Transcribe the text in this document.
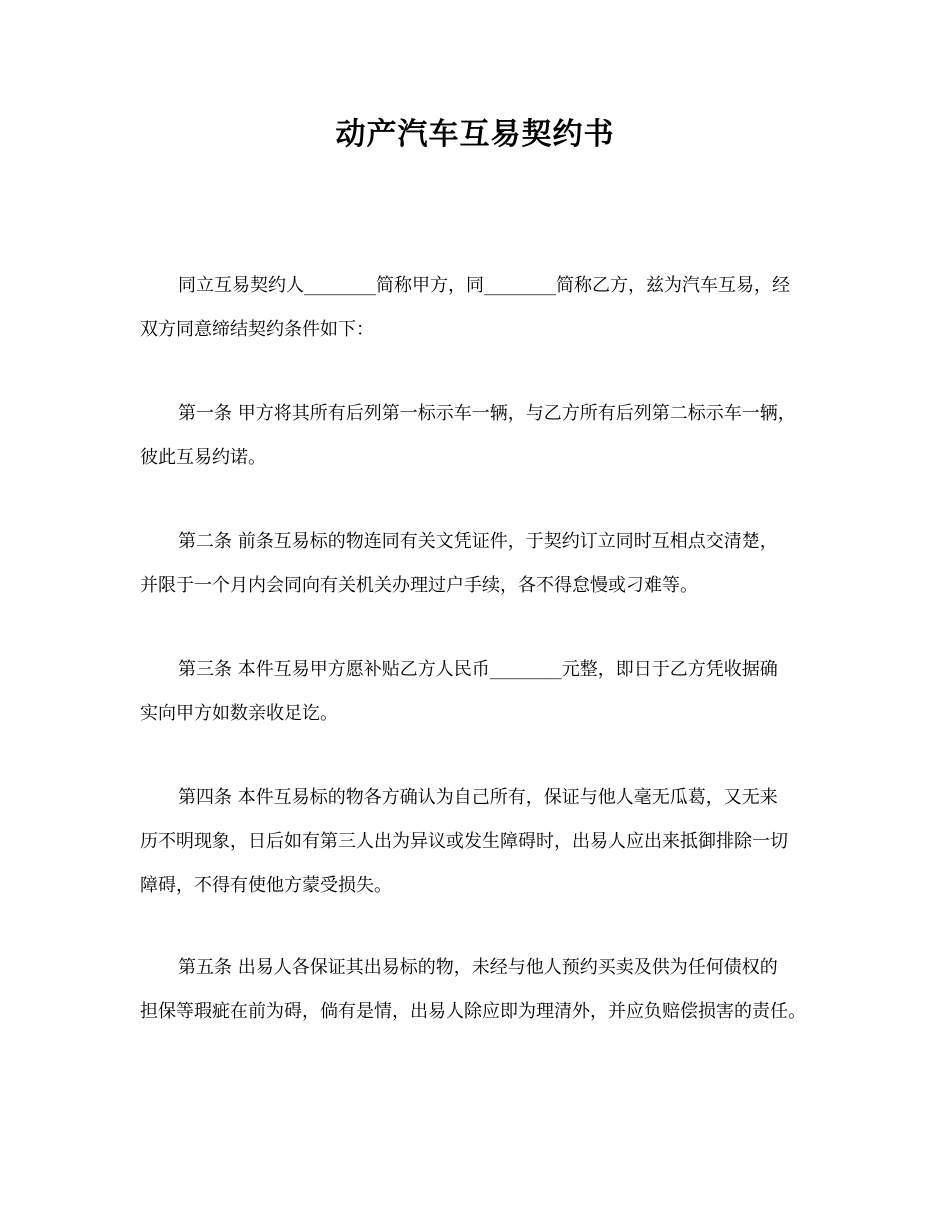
动产汽车互易契约书
同立互易契约人________简称甲方，同________简称乙方，兹为汽车互易，经
双方同意缔结契约条件如下：
第一条 甲方将其所有后列第一标示车一辆，与乙方所有后列第二标示车一辆，
彼此互易约诺。
第二条 前条互易标的物连同有关文凭证件，于契约订立同时互相点交清楚，
并限于一个月内会同向有关机关办理过户手续，各不得怠慢或刁难等。
第三条 本件互易甲方愿补贴乙方人民币________元整，即日于乙方凭收据确
实向甲方如数亲收足讫。
第四条 本件互易标的物各方确认为自己所有，保证与他人毫无瓜葛，又无来
历不明现象，日后如有第三人出为异议或发生障碍时，出易人应出来抵御排除一切
障碍，不得有使他方蒙受损失。
第五条 出易人各保证其出易标的物，未经与他人预约买卖及供为任何债权的
担保等瑕疵在前为碍，倘有是情，出易人除应即为理清外，并应负赔偿损害的责任。
